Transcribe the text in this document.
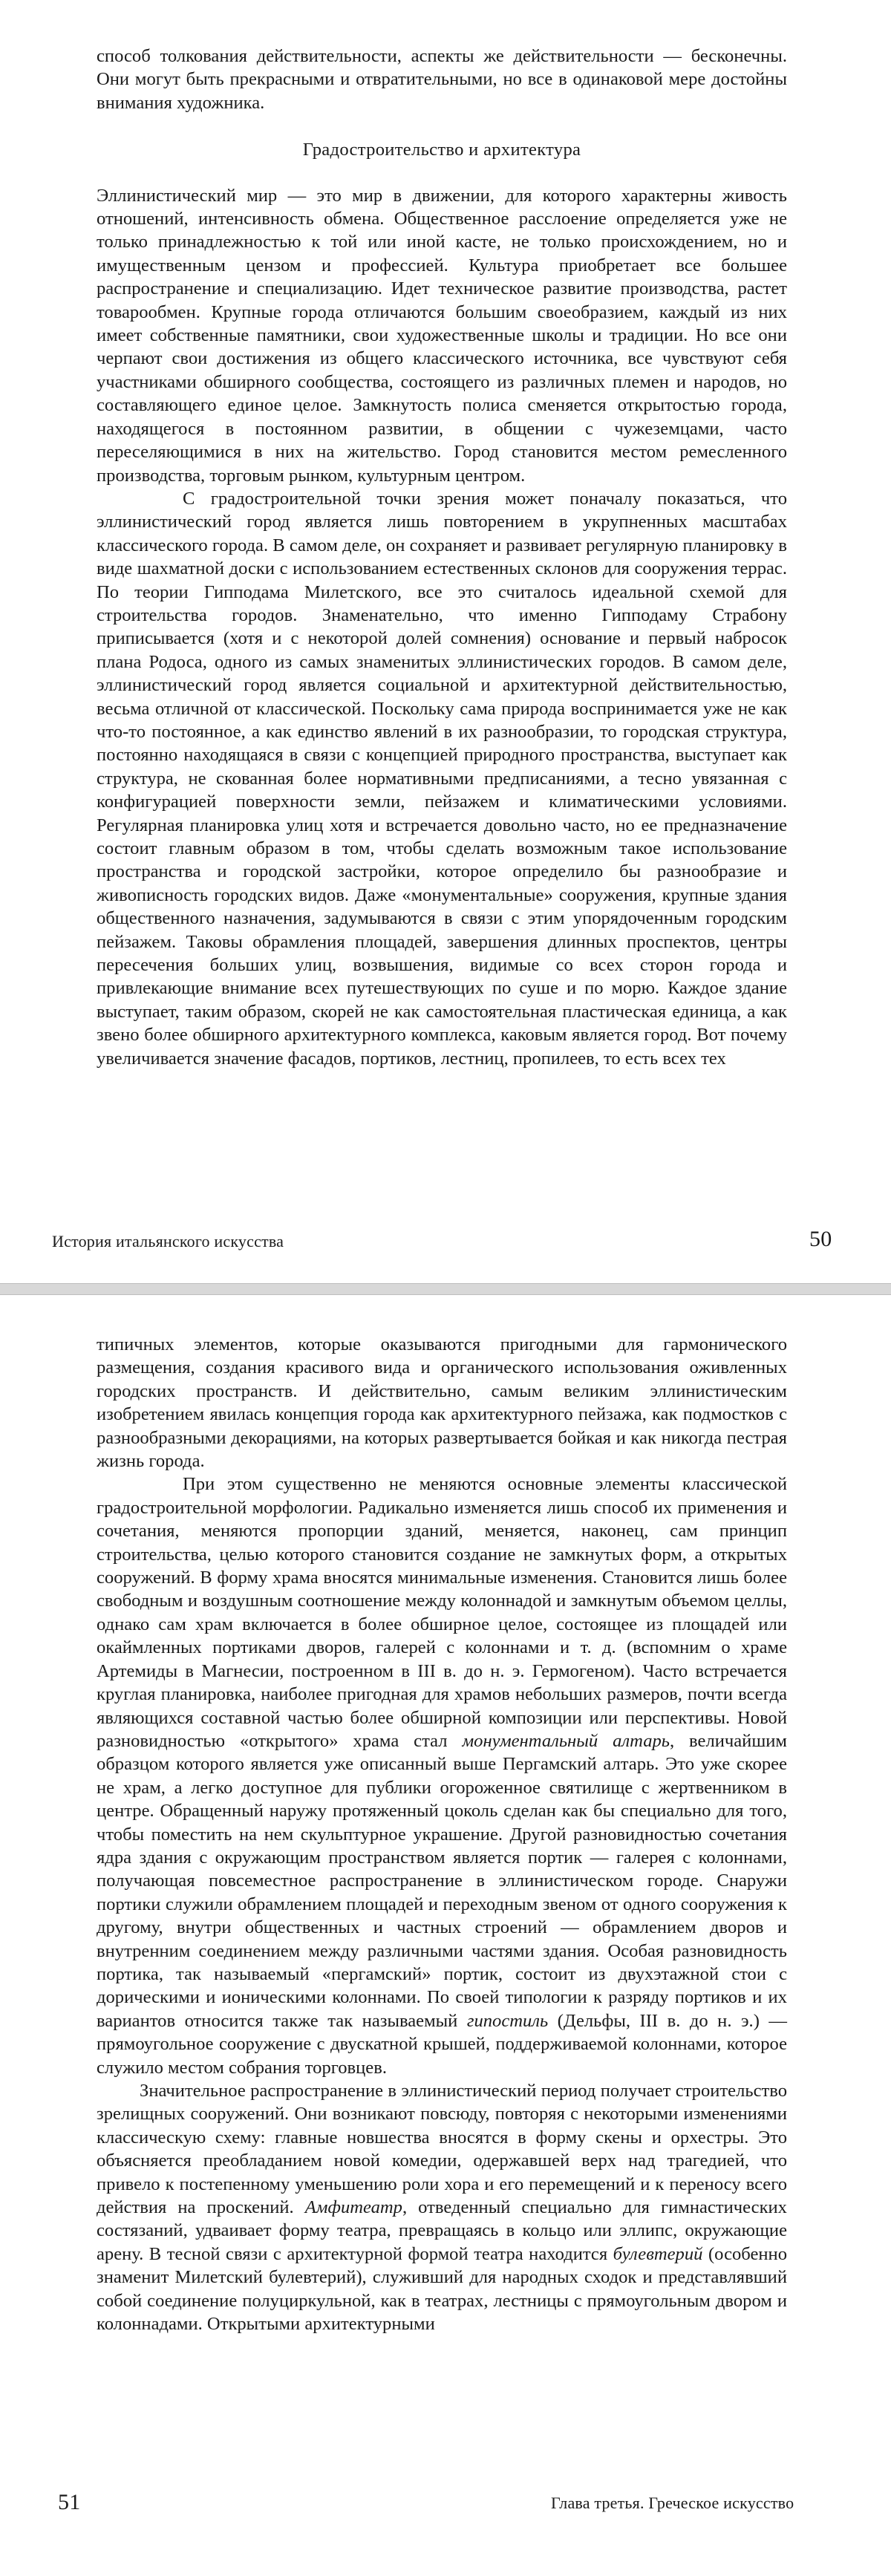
способ толкования действительности, аспекты же действительности — бесконечны. Они могут быть прекрасными и отвратительными, но все в одинаковой мере достойны внимания художника.

Градостроительство и архитектура

Эллинистический мир — это мир в движении, для которого характерны живость отношений, интенсивность обмена. Общественное расслоение определяется уже не только принадлежностью к той или иной касте, не только происхождением, но и имущественным цензом и профессией. Культура приобретает все большее распространение и специализацию. Идет техническое развитие производства, растет товарообмен. Крупные города отличаются большим своеобразием, каждый из них имеет собственные памятники, свои художественные школы и традиции. Но все они черпают свои достижения из общего классического источника, все чувствуют себя участниками обширного сообщества, состоящего из различных племен и народов, но составляющего единое целое. Замкнутость полиса сменяется открытостью города, находящегося в постоянном развитии, в общении с чужеземцами, часто переселяющимися в них на жительство. Город становится местом ремесленного производства, торговым рынком, культурным центром.

С градостроительной точки зрения может поначалу показаться, что эллинистический город является лишь повторением в укрупненных масштабах классического города. В самом деле, он сохраняет и развивает регулярную планировку в виде шахматной доски с использованием естественных склонов для сооружения террас. По теории Гипподама Милетского, все это считалось идеальной схемой для строительства городов. Знаменательно, что именно Гипподаму Страбону приписывается (хотя и с некоторой долей сомнения) основание и первый набросок плана Родоса, одного из самых знаменитых эллинистических городов. В самом деле, эллинистический город является социальной и архитектурной действительностью, весьма отличной от классической. Поскольку сама природа воспринимается уже не как что-то постоянное, а как единство явлений в их разнообразии, то городская структура, постоянно находящаяся в связи с концепцией природного пространства, выступает как структура, не скованная более нормативными предписаниями, а тесно увязанная с конфигурацией поверхности земли, пейзажем и климатическими условиями. Регулярная планировка улиц хотя и встречается довольно часто, но ее предназначение состоит главным образом в том, чтобы сделать возможным такое использование пространства и городской застройки, которое определило бы разнообразие и живописность городских видов. Даже «монументальные» сооружения, крупные здания общественного назначения, задумываются в связи с этим упорядоченным городским пейзажем. Таковы обрамления площадей, завершения длинных проспектов, центры пересечения больших улиц, возвышения, видимые со всех сторон города и привлекающие внимание всех путешествующих по суше и по морю. Каждое здание выступает, таким образом, скорей не как самостоятельная пластическая единица, а как звено более обширного архитектурного комплекса, каковым является город. Вот почему увеличивается значение фасадов, портиков, лестниц, пропилеев, то есть всех тех

История итальянского искусства	50

типичных элементов, которые оказываются пригодными для гармонического размещения, создания красивого вида и органического использования оживленных городских пространств. И действительно, самым великим эллинистическим изобретением явилась концепция города как архитектурного пейзажа, как подмостков с разнообразными декорациями, на которых развертывается бойкая и как никогда пестрая жизнь города.

При этом существенно не меняются основные элементы классической градостроительной морфологии. Радикально изменяется лишь способ их применения и сочетания, меняются пропорции зданий, меняется, наконец, сам принцип строительства, целью которого становится создание не замкнутых форм, а открытых сооружений. В форму храма вносятся минимальные изменения. Становится лишь более свободным и воздушным соотношение между колоннадой и замкнутым объемом целлы, однако сам храм включается в более обширное целое, состоящее из площадей или окаймленных портиками дворов, галерей с колоннами и т. д. (вспомним о храме Артемиды в Магнесии, построенном в III в. до н. э. Гермогеном). Часто встречается круглая планировка, наиболее пригодная для храмов небольших размеров, почти всегда являющихся составной частью более обширной композиции или перспективы. Новой разновидностью «открытого» храма стал монументальный алтарь, величайшим образцом которого является уже описанный выше Пергамский алтарь. Это уже скорее не храм, а легко доступное для публики огороженное святилище с жертвенником в центре. Обращенный наружу протяженный цоколь сделан как бы специально для того, чтобы поместить на нем скульптурное украшение. Другой разновидностью сочетания ядра здания с окружающим пространством является портик — галерея с колоннами, получающая повсеместное распространение в эллинистическом городе. Снаружи портики служили обрамлением площадей и переходным звеном от одного сооружения к другому, внутри общественных и частных строений — обрамлением дворов и внутренним соединением между различными частями здания. Особая разновидность портика, так называемый «пергамский» портик, состоит из двухэтажной стои с дорическими и ионическими колоннами. По своей типологии к разряду портиков и их вариантов относится также так называемый гипостиль (Дельфы, III в. до н. э.) — прямоугольное сооружение с двускатной крышей, поддерживаемой колоннами, которое служило местом собрания торговцев.

Значительное распространение в эллинистический период получает строительство зрелищных сооружений. Они возникают повсюду, повторяя с некоторыми изменениями классическую схему: главные новшества вносятся в форму скены и орхестры. Это объясняется преобладанием новой комедии, одержавшей верх над трагедией, что привело к постепенному уменьшению роли хора и его перемещений и к переносу всего действия на проскений. Амфитеатр, отведенный специально для гимнастических состязаний, удваивает форму театра, превращаясь в кольцо или эллипс, окружающие арену. В тесной связи с архитектурной формой театра находится булевтерий (особенно знаменит Милетский булевтерий), служивший для народных сходок и представлявший собой соединение полуциркульной, как в театрах, лестницы с прямоугольным двором и колоннадами. Открытыми архитектурными

51	Глава третья. Греческое искусство
